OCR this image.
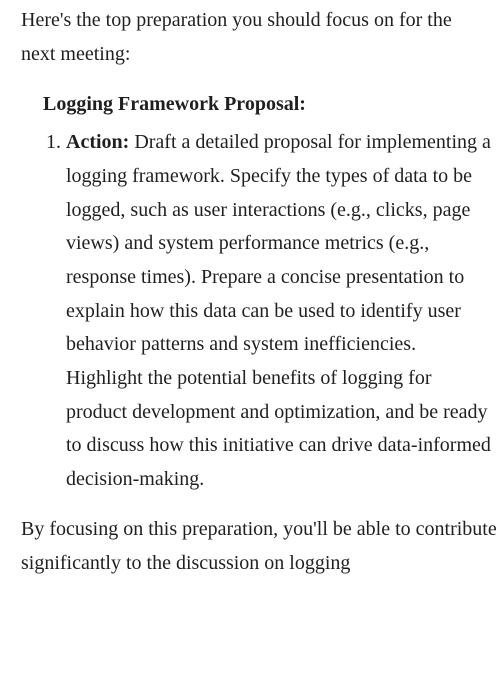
Here's the top preparation you should focus on for the next meeting:

Logging Framework Proposal:
1. Action: Draft a detailed proposal for implementing a logging framework. Specify the types of data to be logged, such as user interactions (e.g., clicks, page views) and system performance metrics (e.g., response times). Prepare a concise presentation to explain how this data can be used to identify user behavior patterns and system inefficiencies. Highlight the potential benefits of logging for product development and optimization, and be ready to discuss how this initiative can drive data-informed decision-making.

By focusing on this preparation, you'll be able to contribute significantly to the discussion on logging
